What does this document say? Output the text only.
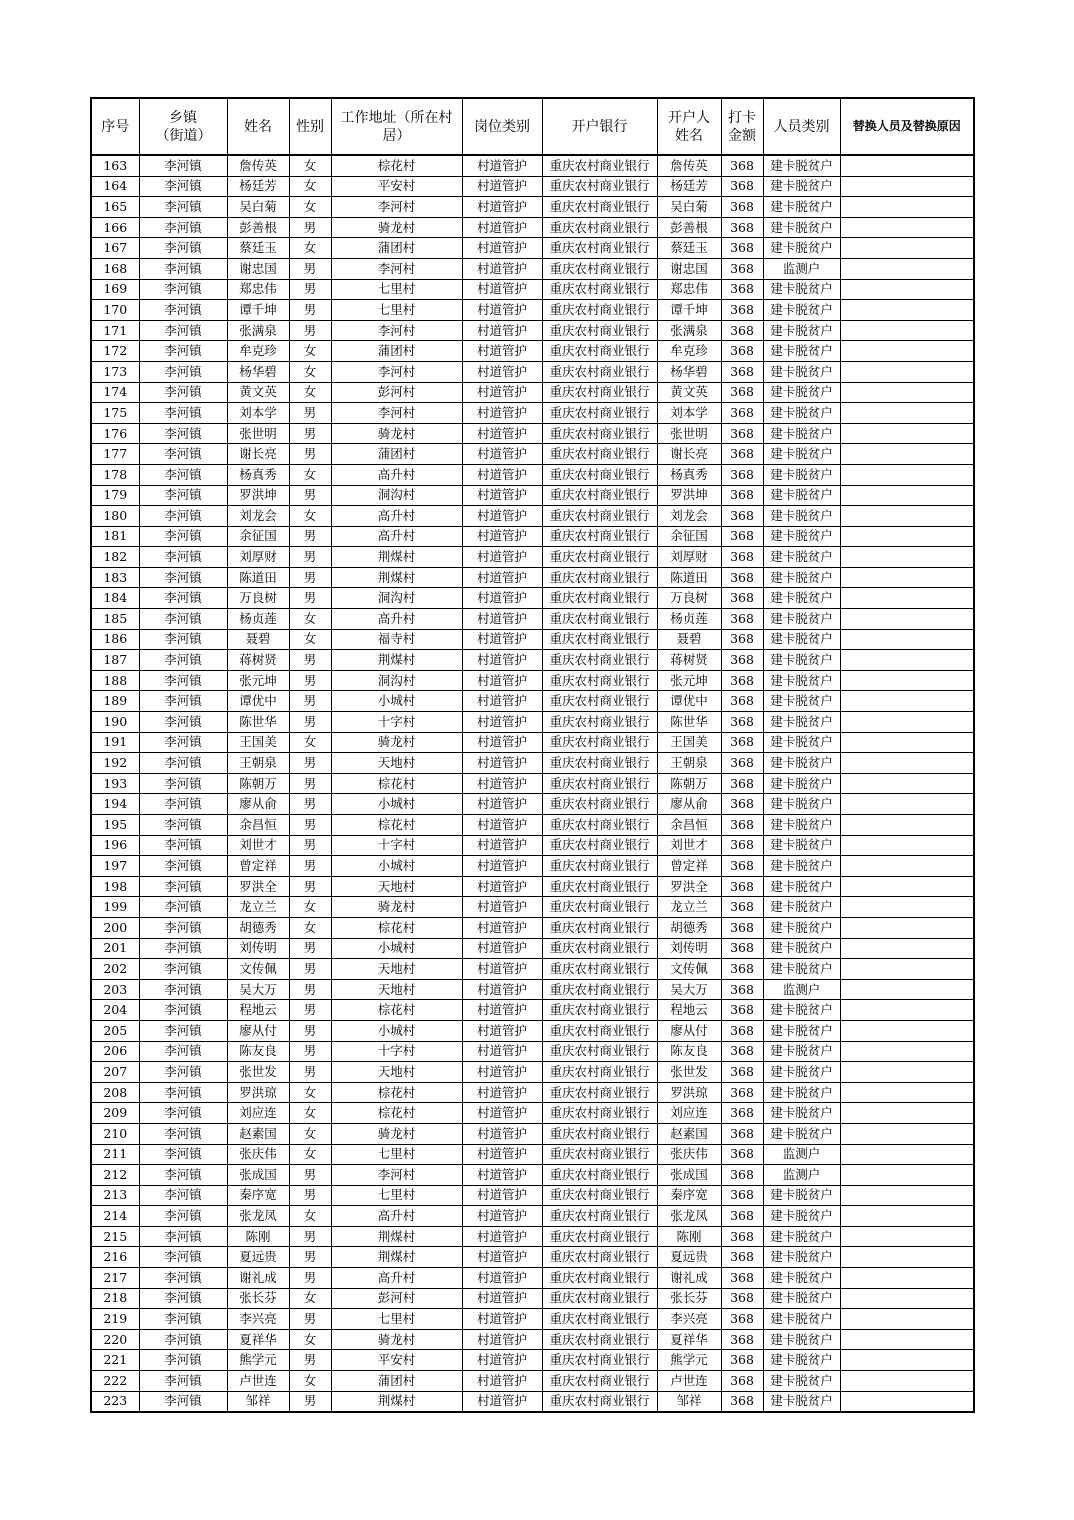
序号	乡镇（街道）	姓名	性别	工作地址（所在村居）	岗位类别	开户银行	开户人姓名	打卡金额	人员类别	替换人员及替换原因
163	李河镇	詹传英	女	棕花村	村道管护	重庆农村商业银行	詹传英	368	建卡脱贫户	
164	李河镇	杨廷芳	女	平安村	村道管护	重庆农村商业银行	杨廷芳	368	建卡脱贫户	
165	李河镇	吴白菊	女	李河村	村道管护	重庆农村商业银行	吴白菊	368	建卡脱贫户	
166	李河镇	彭善根	男	骑龙村	村道管护	重庆农村商业银行	彭善根	368	建卡脱贫户	
167	李河镇	蔡廷玉	女	蒲团村	村道管护	重庆农村商业银行	蔡廷玉	368	建卡脱贫户	
168	李河镇	谢忠国	男	李河村	村道管护	重庆农村商业银行	谢忠国	368	监测户	
169	李河镇	郑忠伟	男	七里村	村道管护	重庆农村商业银行	郑忠伟	368	建卡脱贫户	
170	李河镇	谭千坤	男	七里村	村道管护	重庆农村商业银行	谭千坤	368	建卡脱贫户	
171	李河镇	张满泉	男	李河村	村道管护	重庆农村商业银行	张满泉	368	建卡脱贫户	
172	李河镇	牟克珍	女	蒲团村	村道管护	重庆农村商业银行	牟克珍	368	建卡脱贫户	
173	李河镇	杨华碧	女	李河村	村道管护	重庆农村商业银行	杨华碧	368	建卡脱贫户	
174	李河镇	黄文英	女	彭河村	村道管护	重庆农村商业银行	黄文英	368	建卡脱贫户	
175	李河镇	刘本学	男	李河村	村道管护	重庆农村商业银行	刘本学	368	建卡脱贫户	
176	李河镇	张世明	男	骑龙村	村道管护	重庆农村商业银行	张世明	368	建卡脱贫户	
177	李河镇	谢长亮	男	蒲团村	村道管护	重庆农村商业银行	谢长亮	368	建卡脱贫户	
178	李河镇	杨真秀	女	高升村	村道管护	重庆农村商业银行	杨真秀	368	建卡脱贫户	
179	李河镇	罗洪坤	男	洞沟村	村道管护	重庆农村商业银行	罗洪坤	368	建卡脱贫户	
180	李河镇	刘龙会	女	高升村	村道管护	重庆农村商业银行	刘龙会	368	建卡脱贫户	
181	李河镇	余征国	男	高升村	村道管护	重庆农村商业银行	余征国	368	建卡脱贫户	
182	李河镇	刘厚财	男	荆煤村	村道管护	重庆农村商业银行	刘厚财	368	建卡脱贫户	
183	李河镇	陈道田	男	荆煤村	村道管护	重庆农村商业银行	陈道田	368	建卡脱贫户	
184	李河镇	万良树	男	洞沟村	村道管护	重庆农村商业银行	万良树	368	建卡脱贫户	
185	李河镇	杨贞莲	女	高升村	村道管护	重庆农村商业银行	杨贞莲	368	建卡脱贫户	
186	李河镇	聂碧	女	福寺村	村道管护	重庆农村商业银行	聂碧	368	建卡脱贫户	
187	李河镇	蒋树贤	男	荆煤村	村道管护	重庆农村商业银行	蒋树贤	368	建卡脱贫户	
188	李河镇	张元坤	男	洞沟村	村道管护	重庆农村商业银行	张元坤	368	建卡脱贫户	
189	李河镇	谭优中	男	小城村	村道管护	重庆农村商业银行	谭优中	368	建卡脱贫户	
190	李河镇	陈世华	男	十字村	村道管护	重庆农村商业银行	陈世华	368	建卡脱贫户	
191	李河镇	王国美	女	骑龙村	村道管护	重庆农村商业银行	王国美	368	建卡脱贫户	
192	李河镇	王朝泉	男	天地村	村道管护	重庆农村商业银行	王朝泉	368	建卡脱贫户	
193	李河镇	陈朝万	男	棕花村	村道管护	重庆农村商业银行	陈朝万	368	建卡脱贫户	
194	李河镇	廖从俞	男	小城村	村道管护	重庆农村商业银行	廖从俞	368	建卡脱贫户	
195	李河镇	余昌恒	男	棕花村	村道管护	重庆农村商业银行	余昌恒	368	建卡脱贫户	
196	李河镇	刘世才	男	十字村	村道管护	重庆农村商业银行	刘世才	368	建卡脱贫户	
197	李河镇	曾定祥	男	小城村	村道管护	重庆农村商业银行	曾定祥	368	建卡脱贫户	
198	李河镇	罗洪全	男	天地村	村道管护	重庆农村商业银行	罗洪全	368	建卡脱贫户	
199	李河镇	龙立兰	女	骑龙村	村道管护	重庆农村商业银行	龙立兰	368	建卡脱贫户	
200	李河镇	胡德秀	女	棕花村	村道管护	重庆农村商业银行	胡德秀	368	建卡脱贫户	
201	李河镇	刘传明	男	小城村	村道管护	重庆农村商业银行	刘传明	368	建卡脱贫户	
202	李河镇	文传佩	男	天地村	村道管护	重庆农村商业银行	文传佩	368	建卡脱贫户	
203	李河镇	吴大万	男	天地村	村道管护	重庆农村商业银行	吴大万	368	监测户	
204	李河镇	程地云	男	棕花村	村道管护	重庆农村商业银行	程地云	368	建卡脱贫户	
205	李河镇	廖从付	男	小城村	村道管护	重庆农村商业银行	廖从付	368	建卡脱贫户	
206	李河镇	陈友良	男	十字村	村道管护	重庆农村商业银行	陈友良	368	建卡脱贫户	
207	李河镇	张世发	男	天地村	村道管护	重庆农村商业银行	张世发	368	建卡脱贫户	
208	李河镇	罗洪琼	女	棕花村	村道管护	重庆农村商业银行	罗洪琼	368	建卡脱贫户	
209	李河镇	刘应连	女	棕花村	村道管护	重庆农村商业银行	刘应连	368	建卡脱贫户	
210	李河镇	赵素国	女	骑龙村	村道管护	重庆农村商业银行	赵素国	368	建卡脱贫户	
211	李河镇	张庆伟	女	七里村	村道管护	重庆农村商业银行	张庆伟	368	监测户	
212	李河镇	张成国	男	李河村	村道管护	重庆农村商业银行	张成国	368	监测户	
213	李河镇	秦序宽	男	七里村	村道管护	重庆农村商业银行	秦序宽	368	建卡脱贫户	
214	李河镇	张龙凤	女	高升村	村道管护	重庆农村商业银行	张龙凤	368	建卡脱贫户	
215	李河镇	陈刚	男	荆煤村	村道管护	重庆农村商业银行	陈刚	368	建卡脱贫户	
216	李河镇	夏远贵	男	荆煤村	村道管护	重庆农村商业银行	夏远贵	368	建卡脱贫户	
217	李河镇	谢礼成	男	高升村	村道管护	重庆农村商业银行	谢礼成	368	建卡脱贫户	
218	李河镇	张长芬	女	彭河村	村道管护	重庆农村商业银行	张长芬	368	建卡脱贫户	
219	李河镇	李兴亮	男	七里村	村道管护	重庆农村商业银行	李兴亮	368	建卡脱贫户	
220	李河镇	夏祥华	女	骑龙村	村道管护	重庆农村商业银行	夏祥华	368	建卡脱贫户	
221	李河镇	熊学元	男	平安村	村道管护	重庆农村商业银行	熊学元	368	建卡脱贫户	
222	李河镇	卢世连	女	蒲团村	村道管护	重庆农村商业银行	卢世连	368	建卡脱贫户	
223	李河镇	邹祥	男	荆煤村	村道管护	重庆农村商业银行	邹祥	368	建卡脱贫户	
